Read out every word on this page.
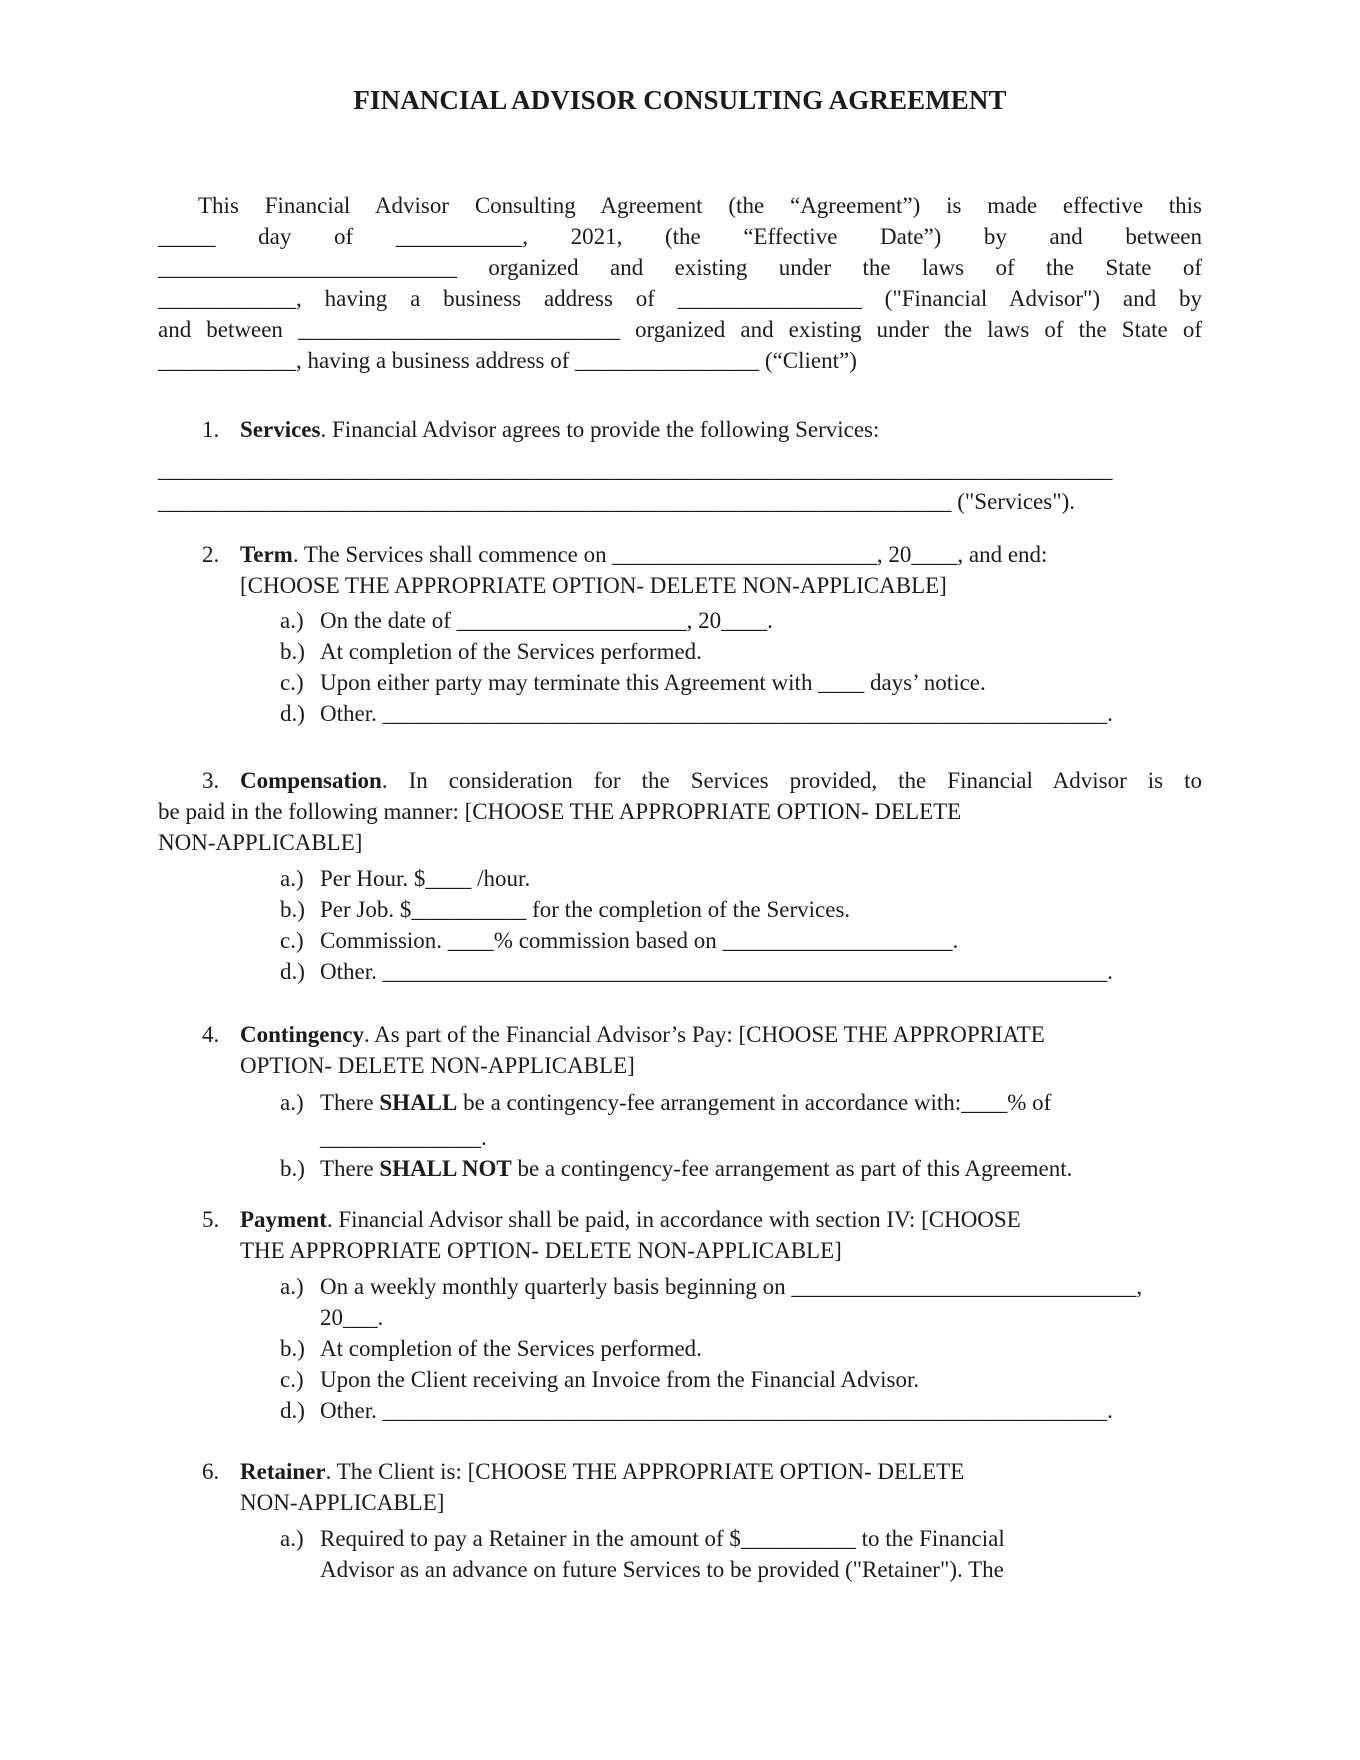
FINANCIAL ADVISOR CONSULTING AGREEMENT
This Financial Advisor Consulting Agreement (the “Agreement”) is made effective this
_____ day of ___________, 2021, (the “Effective Date”) by and between
__________________________ organized and existing under the laws of the State of
____________, having a business address of ________________ ("Financial Advisor") and by
and between ____________________________ organized and existing under the laws of the State of
____________, having a business address of ________________ (“Client”)
1. Services. Financial Advisor agrees to provide the following Services:
___________________________________________________________________________________
_____________________________________________________________________ ("Services").
2. Term. The Services shall commence on _______________________, 20____, and end:
[CHOOSE THE APPROPRIATE OPTION- DELETE NON-APPLICABLE]
a.) On the date of ____________________, 20____.
b.) At completion of the Services performed.
c.) Upon either party may terminate this Agreement with ____ days’ notice.
d.) Other. _______________________________________________________________.
3. Compensation. In consideration for the Services provided, the Financial Advisor is to
be paid in the following manner: [CHOOSE THE APPROPRIATE OPTION- DELETE
NON-APPLICABLE]
a.) Per Hour. $____ /hour.
b.) Per Job. $__________ for the completion of the Services.
c.) Commission. ____% commission based on ____________________.
d.) Other. _______________________________________________________________.
4. Contingency. As part of the Financial Advisor’s Pay: [CHOOSE THE APPROPRIATE
OPTION- DELETE NON-APPLICABLE]
a.) There SHALL be a contingency-fee arrangement in accordance with:____% of
______________.
b.) There SHALL NOT be a contingency-fee arrangement as part of this Agreement.
5. Payment. Financial Advisor shall be paid, in accordance with section IV: [CHOOSE
THE APPROPRIATE OPTION- DELETE NON-APPLICABLE]
a.) On a weekly monthly quarterly basis beginning on ______________________________,
20___.
b.) At completion of the Services performed.
c.) Upon the Client receiving an Invoice from the Financial Advisor.
d.) Other. _______________________________________________________________.
6. Retainer. The Client is: [CHOOSE THE APPROPRIATE OPTION- DELETE
NON-APPLICABLE]
a.) Required to pay a Retainer in the amount of $__________ to the Financial
Advisor as an advance on future Services to be provided ("Retainer"). The
